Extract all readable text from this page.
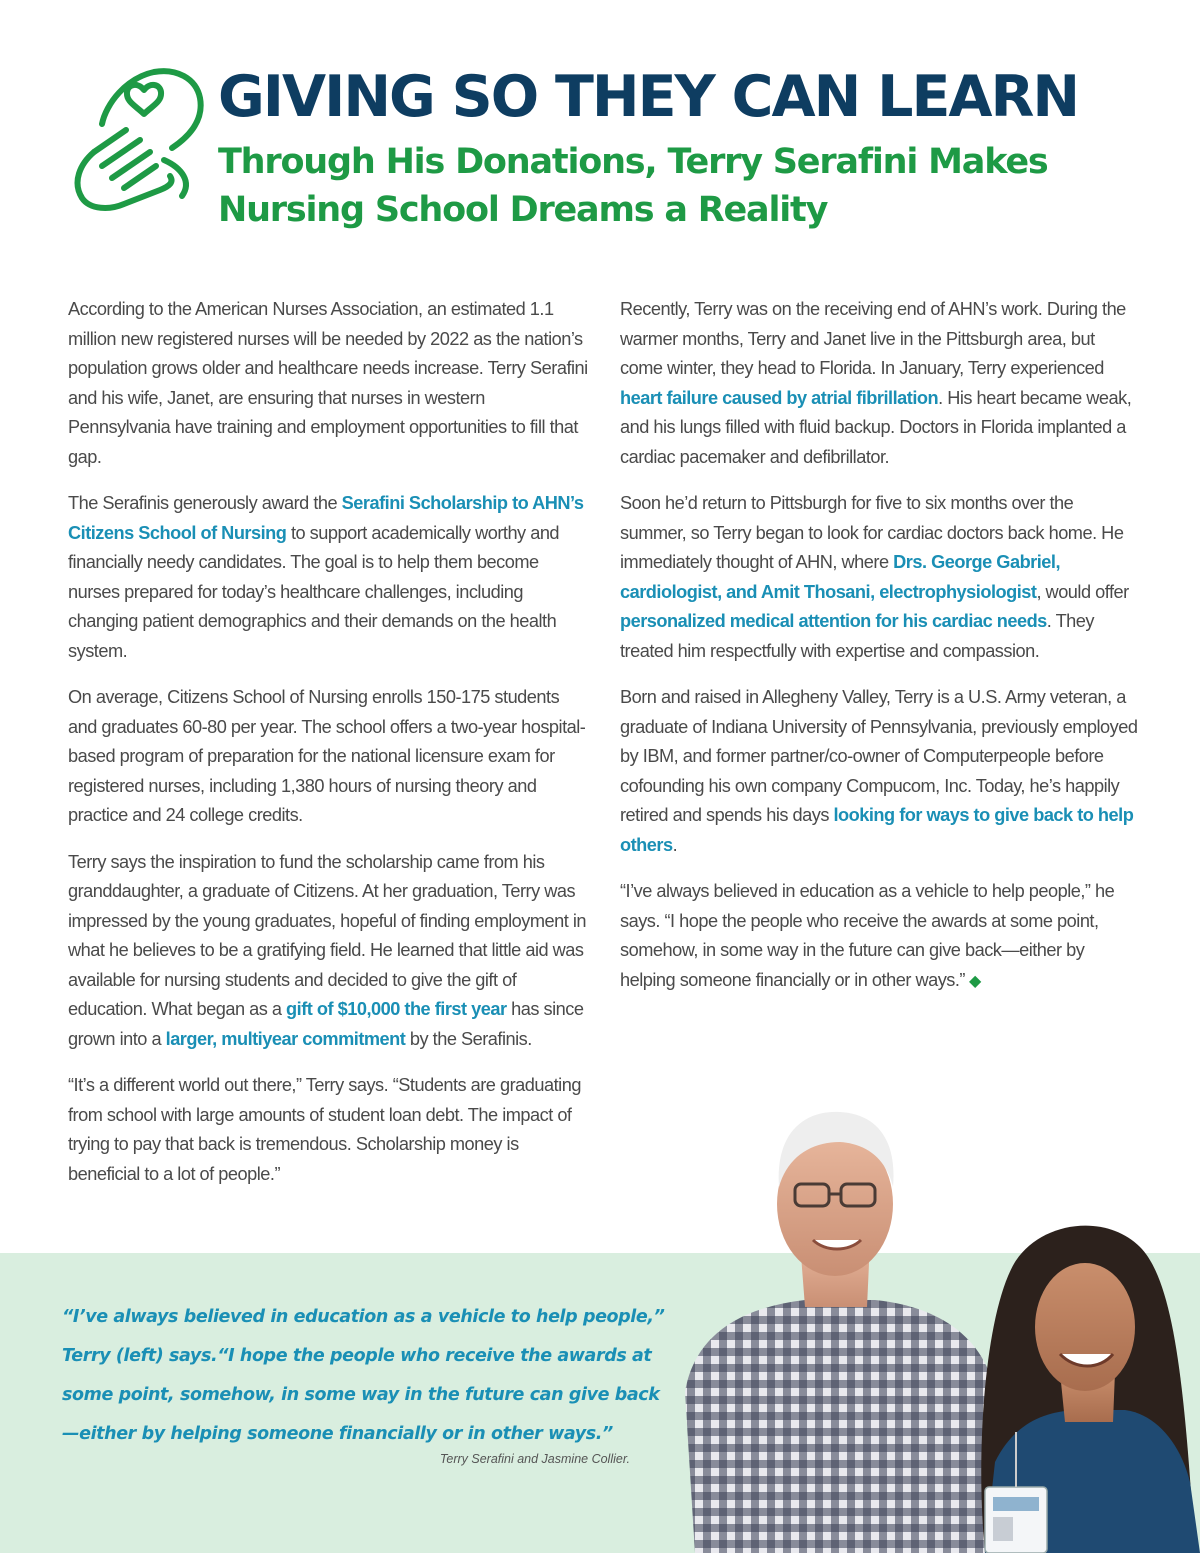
GIVING SO THEY CAN LEARN
Through His Donations, Terry Serafini Makes Nursing School Dreams a Reality

According to the American Nurses Association, an estimated 1.1 million new registered nurses will be needed by 2022 as the nation’s population grows older and healthcare needs increase. Terry Serafini and his wife, Janet, are ensuring that nurses in western Pennsylvania have training and employment opportunities to fill that gap.

The Serafinis generously award the Serafini Scholarship to AHN’s Citizens School of Nursing to support academically worthy and financially needy candidates. The goal is to help them become nurses prepared for today’s healthcare challenges, including changing patient demographics and their demands on the health system.

On average, Citizens School of Nursing enrolls 150-175 students and graduates 60-80 per year. The school offers a two-year hospital-based program of preparation for the national licensure exam for registered nurses, including 1,380 hours of nursing theory and practice and 24 college credits.

Terry says the inspiration to fund the scholarship came from his granddaughter, a graduate of Citizens. At her graduation, Terry was impressed by the young graduates, hopeful of finding employment in what he believes to be a gratifying field. He learned that little aid was available for nursing students and decided to give the gift of education. What began as a gift of $10,000 the first year has since grown into a larger, multiyear commitment by the Serafinis.

“It’s a different world out there,” Terry says. “Students are graduating from school with large amounts of student loan debt. The impact of trying to pay that back is tremendous. Scholarship money is beneficial to a lot of people.”

Recently, Terry was on the receiving end of AHN’s work. During the warmer months, Terry and Janet live in the Pittsburgh area, but come winter, they head to Florida. In January, Terry experienced heart failure caused by atrial fibrillation. His heart became weak, and his lungs filled with fluid backup. Doctors in Florida implanted a cardiac pacemaker and defibrillator.

Soon he’d return to Pittsburgh for five to six months over the summer, so Terry began to look for cardiac doctors back home. He immediately thought of AHN, where Drs. George Gabriel, cardiologist, and Amit Thosani, electrophysiologist, would offer personalized medical attention for his cardiac needs. They treated him respectfully with expertise and compassion.

Born and raised in Allegheny Valley, Terry is a U.S. Army veteran, a graduate of Indiana University of Pennsylvania, previously employed by IBM, and former partner/co-owner of Computerpeople before cofounding his own company Compucom, Inc. Today, he’s happily retired and spends his days looking for ways to give back to help others.

“I’ve always believed in education as a vehicle to help people,” he says. “I hope the people who receive the awards at some point, somehow, in some way in the future can give back—either by helping someone financially or in other ways.” ◆

“I’ve always believed in education as a vehicle to help people,” Terry (left) says.“I hope the people who receive the awards at some point, somehow, in some way in the future can give back—either by helping someone financially or in other ways.”

Terry Serafini and Jasmine Collier.
